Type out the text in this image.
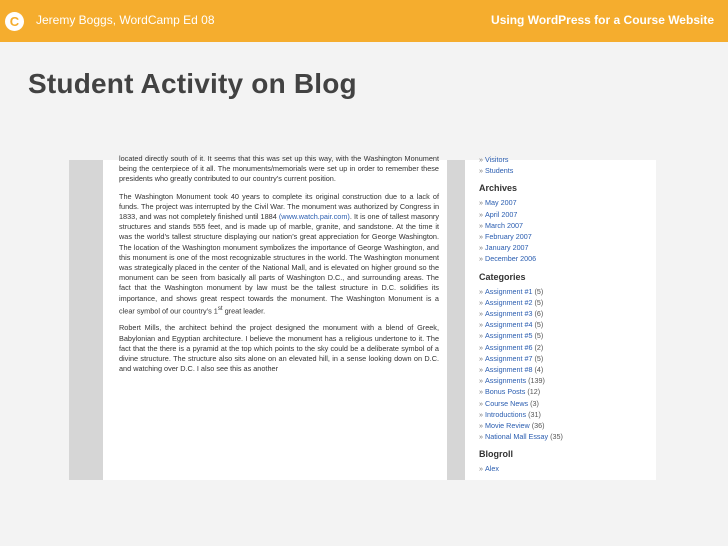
C	Jeremy Boggs, WordCamp Ed 08	Using WordPress for a Course Website
Student Activity on Blog

located directly south of it. It seems that this was set up this way, with the Washington Monument being the centerpiece of it all. The monuments/memorials were set up in order to remember these presidents who greatly contributed to our country’s current position.

The Washington Monument took 40 years to complete its original construction due to a lack of funds. The project was interrupted by the Civil War. The monument was authorized by Congress in 1833, and was not completely finished until 1884 (www.watch.pair.com). It is one of tallest masonry structures and stands 555 feet, and is made up of marble, granite, and sandstone. At the time it was the world’s tallest structure displaying our nation’s great appreciation for George Washington. The location of the Washington monument symbolizes the importance of George Washington, and this monument is one of the most recognizable structures in the world. The Washington monument was strategically placed in the center of the National Mall, and is elevated on higher ground so the monument can be seen from basically all parts of Washington D.C., and surrounding areas. The fact that the Washington monument by law must be the tallest structure in D.C. solidifies its importance, and shows great respect towards the monument. The Washington Monument is a clear symbol of our country’s 1st great leader.

Robert Mills, the architect behind the project designed the monument with a blend of Greek, Babylonian and Egyptian architecture. I believe the monument has a religious undertone to it. The fact that the there is a pyramid at the top which points to the sky could be a deliberate symbol of a divine structure. The structure also sits alone on an elevated hill, in a sense looking down on D.C. and watching over D.C. I also see this as another

» Visitors
» Students
Archives
» May 2007
» April 2007
» March 2007
» February 2007
» January 2007
» December 2006
Categories
» Assignment #1 (5)
» Assignment #2 (5)
» Assignment #3 (6)
» Assignment #4 (5)
» Assignment #5 (5)
» Assignment #6 (2)
» Assignment #7 (5)
» Assignment #8 (4)
» Assignments (139)
» Bonus Posts (12)
» Course News (3)
» Introductions (31)
» Movie Review (36)
» National Mall Essay (35)
Blogroll
» Alex
